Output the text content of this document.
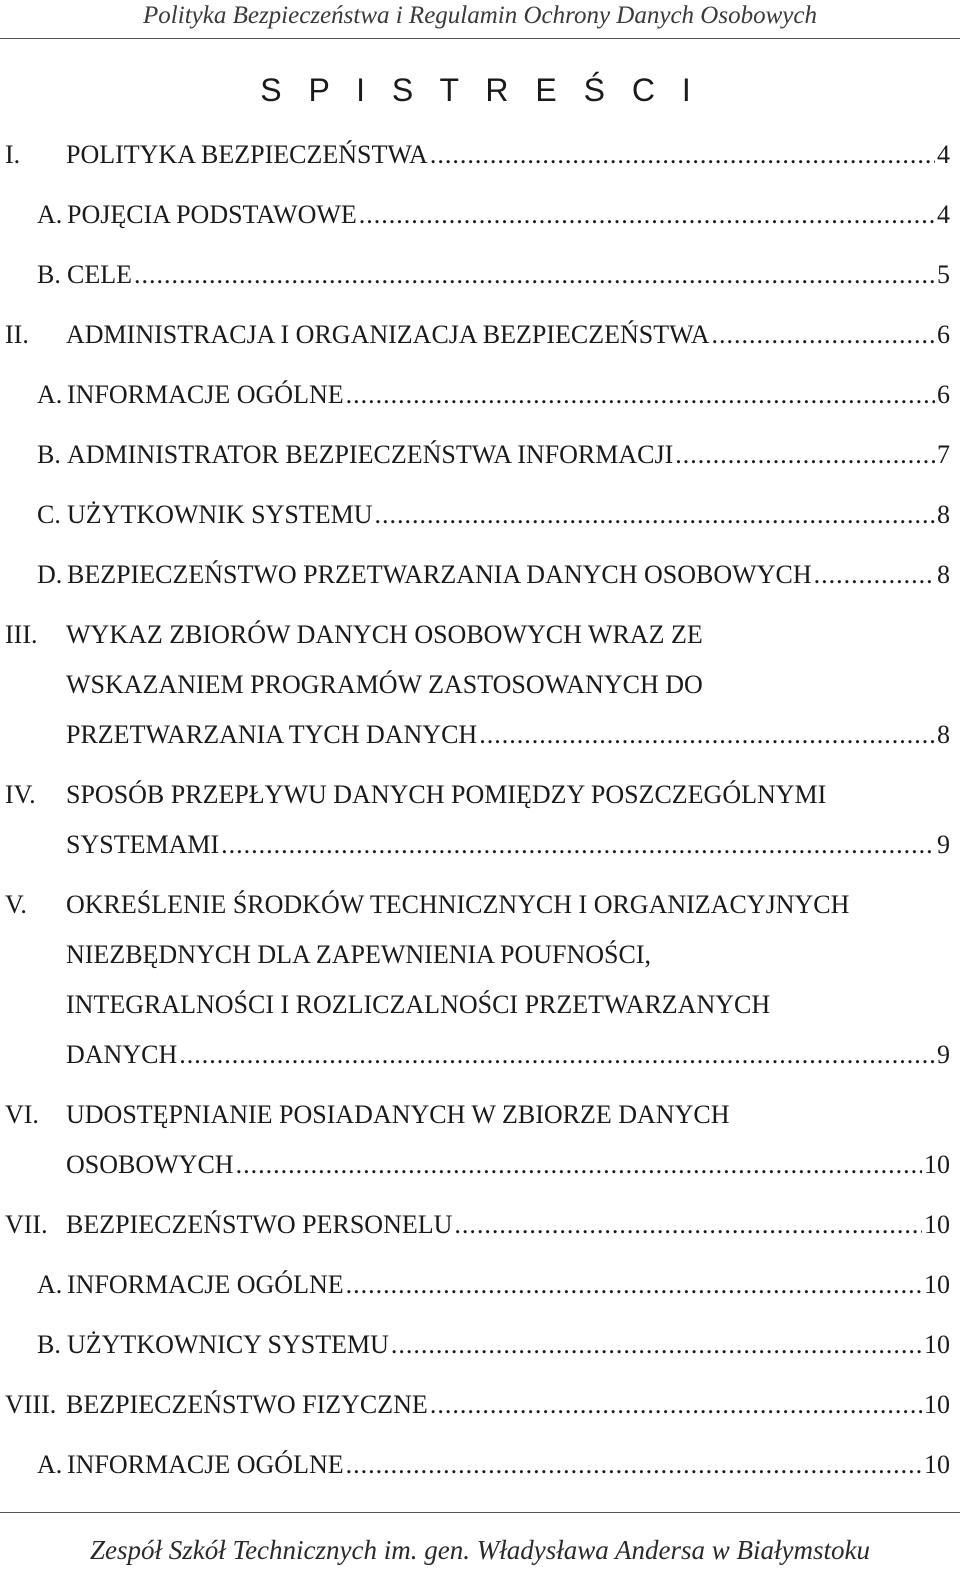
Polityka Bezpieczeństwa i Regulamin Ochrony Danych Osobowych
S P I S T R E Ś C I
I. POLITYKA BEZPIECZEŃSTWA .....	4
A. POJĘCIA PODSTAWOWE .....	4
B. CELE .....	5
II. ADMINISTRACJA I ORGANIZACJA BEZPIECZEŃSTWA .....	6
A. INFORMACJE OGÓLNE .....	6
B. ADMINISTRATOR BEZPIECZEŃSTWA INFORMACJI .....	7
C. UŻYTKOWNIK SYSTEMU .....	8
D. BEZPIECZEŃSTWO PRZETWARZANIA DANYCH OSOBOWYCH .....	8
III. WYKAZ ZBIORÓW DANYCH OSOBOWYCH WRAZ ZE
WSKAZANIEM PROGRAMÓW ZASTOSOWANYCH DO
PRZETWARZANIA TYCH DANYCH .....	8
IV. SPOSÓB PRZEPŁYWU DANYCH POMIĘDZY POSZCZEGÓLNYMI
SYSTEMAMI .....	9
V. OKREŚLENIE ŚRODKÓW TECHNICZNYCH I ORGANIZACYJNYCH
NIEZBĘDNYCH DLA ZAPEWNIENIA POUFNOŚCI,
INTEGRALNOŚCI I ROZLICZALNOŚCI PRZETWARZANYCH
DANYCH .....	9
VI. UDOSTĘPNIANIE POSIADANYCH W ZBIORZE DANYCH
OSOBOWYCH .....	10
VII. BEZPIECZEŃSTWO PERSONELU .....	10
A. INFORMACJE OGÓLNE .....	10
B. UŻYTKOWNICY SYSTEMU .....	10
VIII. BEZPIECZEŃSTWO FIZYCZNE .....	10
A. INFORMACJE OGÓLNE .....	10
Zespół Szkół Technicznych im. gen. Władysława Andersa w Białymstoku
